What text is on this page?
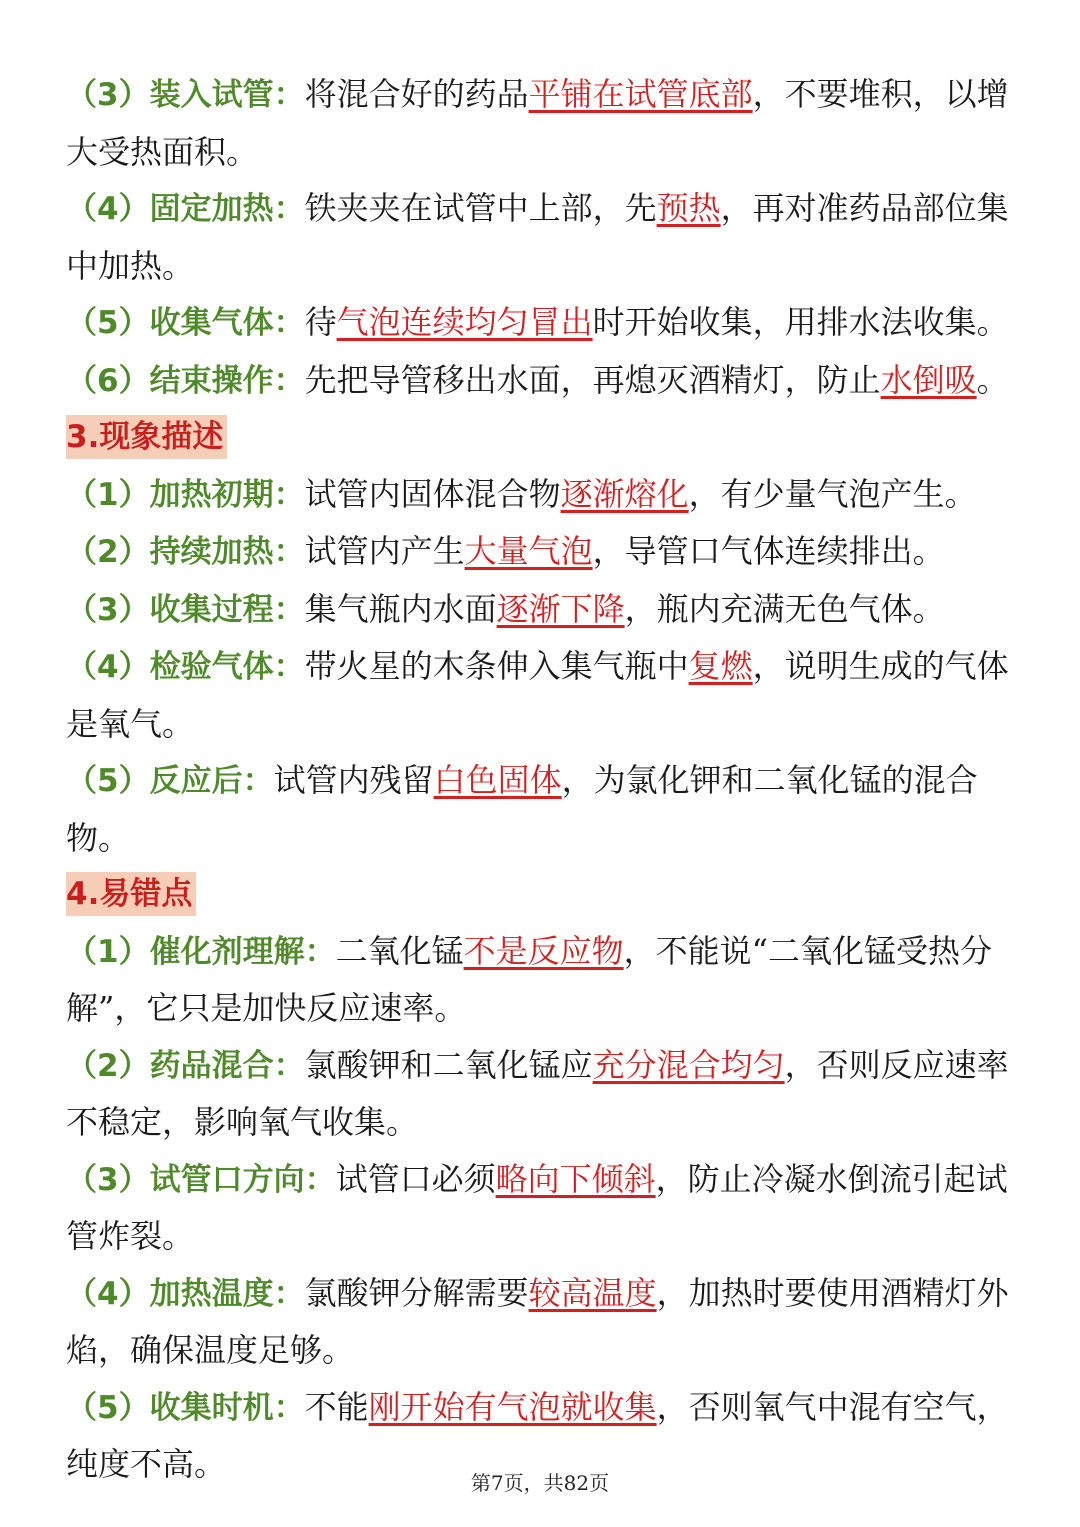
（3）装入试管：将混合好的药品平铺在试管底部，不要堆积，以增大受热面积。

（4）固定加热：铁夹夹在试管中上部，先预热，再对准药品部位集中加热。

（5）收集气体：待气泡连续均匀冒出时开始收集，用排水法收集。

（6）结束操作：先把导管移出水面，再熄灭酒精灯，防止水倒吸。

3.现象描述

（1）加热初期：试管内固体混合物逐渐熔化，有少量气泡产生。

（2）持续加热：试管内产生大量气泡，导管口气体连续排出。

（3）收集过程：集气瓶内水面逐渐下降，瓶内充满无色气体。

（4）检验气体：带火星的木条伸入集气瓶中复燃，说明生成的气体是氧气。

（5）反应后：试管内残留白色固体，为氯化钾和二氧化锰的混合物。

4.易错点

（1）催化剂理解：二氧化锰不是反应物，不能说“二氧化锰受热分解”，它只是加快反应速率。

（2）药品混合：氯酸钾和二氧化锰应充分混合均匀，否则反应速率不稳定，影响氧气收集。

（3）试管口方向：试管口必须略向下倾斜，防止冷凝水倒流引起试管炸裂。

（4）加热温度：氯酸钾分解需要较高温度，加热时要使用酒精灯外焰，确保温度足够。

（5）收集时机：不能刚开始有气泡就收集，否则氧气中混有空气，纯度不高。	第7页，共82页
